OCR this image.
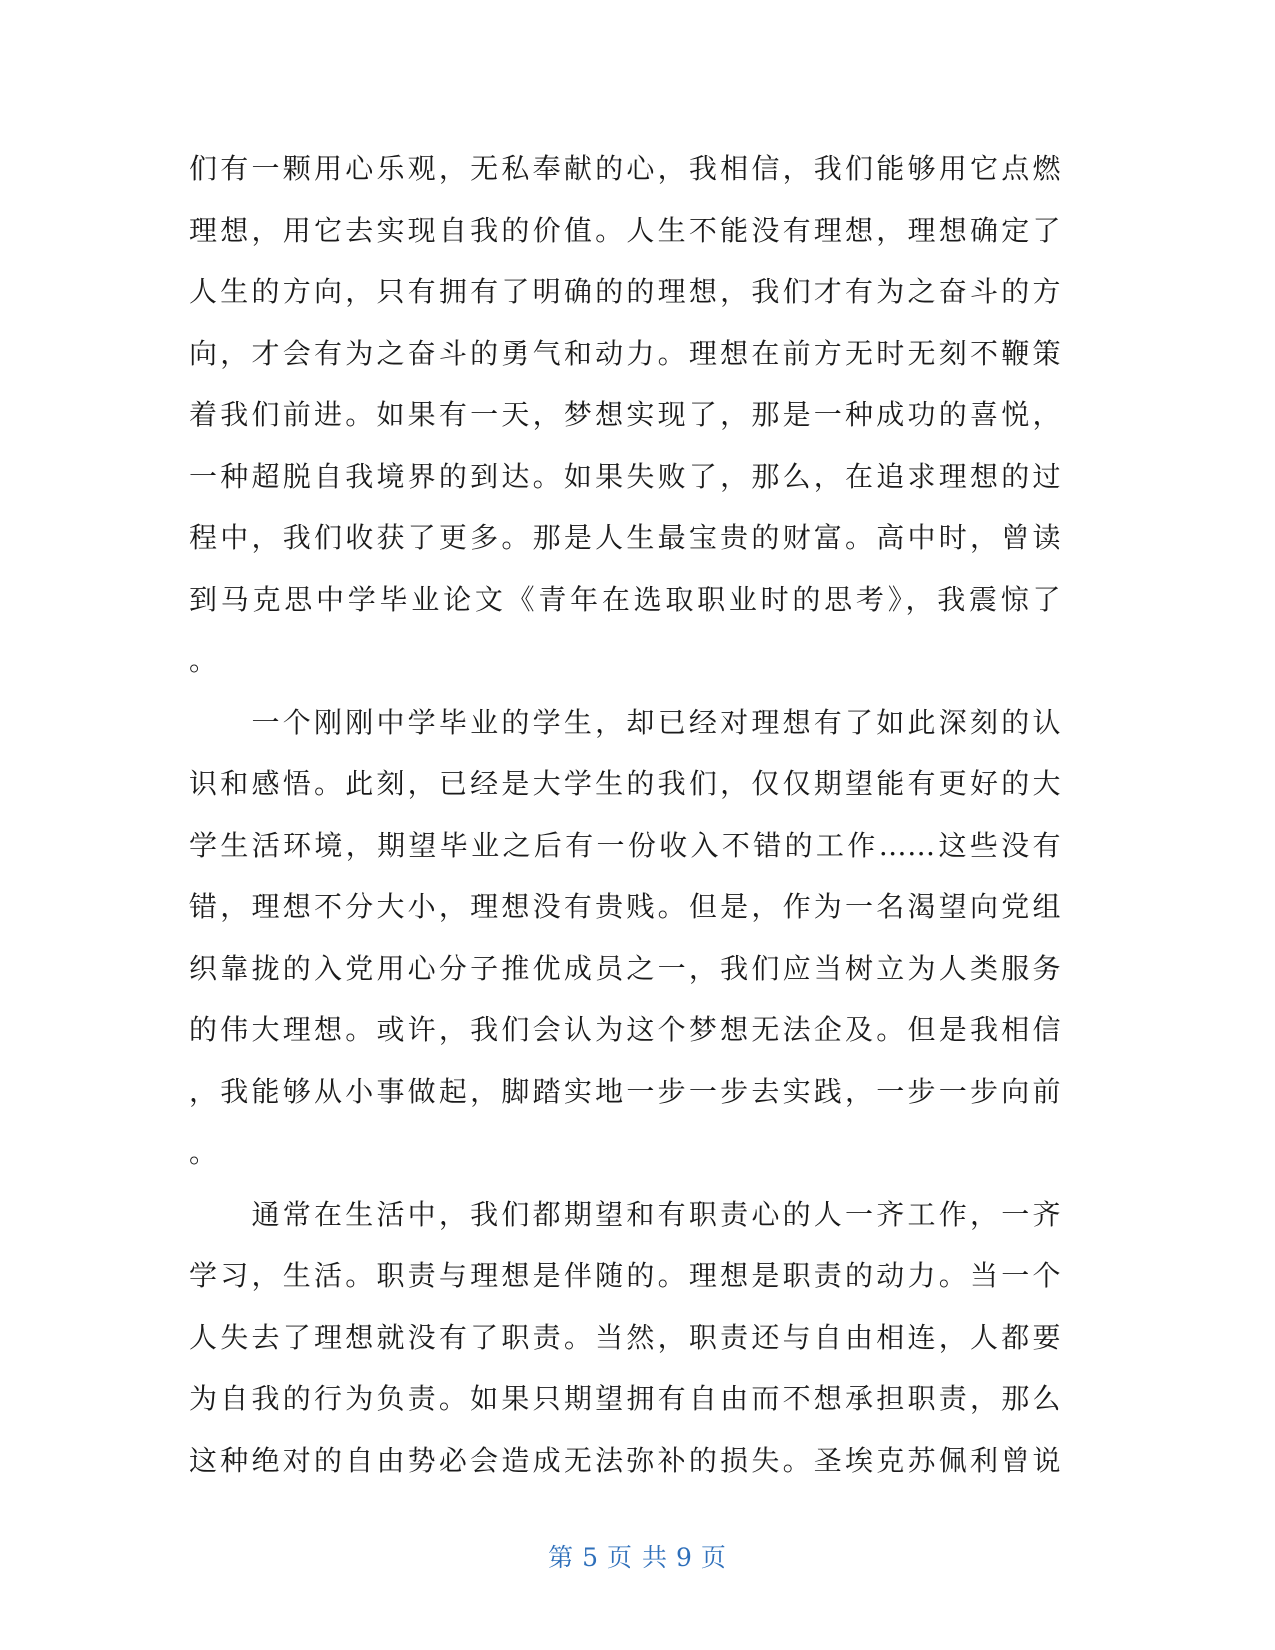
们有一颗用心乐观，无私奉献的心，我相信，我们能够用它点燃
理想，用它去实现自我的价值。人生不能没有理想，理想确定了
人生的方向，只有拥有了明确的的理想，我们才有为之奋斗的方
向，才会有为之奋斗的勇气和动力。理想在前方无时无刻不鞭策
着我们前进。如果有一天，梦想实现了，那是一种成功的喜悦，
一种超脱自我境界的到达。如果失败了，那么，在追求理想的过
程中，我们收获了更多。那是人生最宝贵的财富。高中时，曾读
到马克思中学毕业论文《青年在选取职业时的思考》，我震惊了
。
　　一个刚刚中学毕业的学生，却已经对理想有了如此深刻的认
识和感悟。此刻，已经是大学生的我们，仅仅期望能有更好的大
学生活环境，期望毕业之后有一份收入不错的工作……这些没有
错，理想不分大小，理想没有贵贱。但是，作为一名渴望向党组
织靠拢的入党用心分子推优成员之一，我们应当树立为人类服务
的伟大理想。或许，我们会认为这个梦想无法企及。但是我相信
，我能够从小事做起，脚踏实地一步一步去实践，一步一步向前
。
　　通常在生活中，我们都期望和有职责心的人一齐工作，一齐
学习，生活。职责与理想是伴随的。理想是职责的动力。当一个
人失去了理想就没有了职责。当然，职责还与自由相连，人都要
为自我的行为负责。如果只期望拥有自由而不想承担职责，那么
这种绝对的自由势必会造成无法弥补的损失。圣埃克苏佩利曾说
第 5 页 共 9 页
